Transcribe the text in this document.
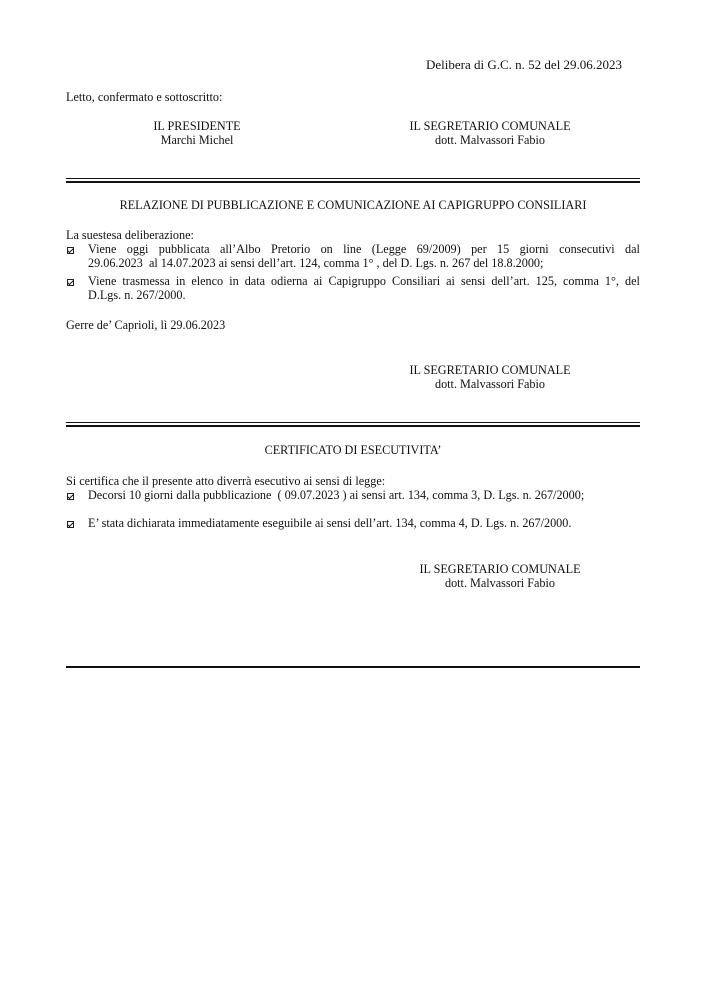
Delibera di G.C. n. 52 del 29.06.2023
Letto, confermato e sottoscritto:
IL PRESIDENTE
Marchi Michel
IL SEGRETARIO COMUNALE
dott. Malvassori Fabio
RELAZIONE DI PUBBLICAZIONE E COMUNICAZIONE AI CAPIGRUPPO CONSILIARI
La suestesa deliberazione:
Viene oggi pubblicata all’Albo Pretorio on line (Legge 69/2009) per 15 giorni consecutivi dal
29.06.2023  al 14.07.2023 ai sensi dell’art. 124, comma 1° , del D. Lgs. n. 267 del 18.8.2000;
Viene trasmessa in elenco in data odierna ai Capigruppo Consiliari ai sensi dell’art. 125, comma 1°, del
D.Lgs. n. 267/2000.
Gerre de’ Caprioli, lì 29.06.2023
IL SEGRETARIO COMUNALE
dott. Malvassori Fabio
CERTIFICATO DI ESECUTIVITA’
Si certifica che il presente atto diverrà esecutivo ai sensi di legge:
Decorsi 10 giorni dalla pubblicazione  ( 09.07.2023 ) ai sensi art. 134, comma 3, D. Lgs. n. 267/2000;
E’ stata dichiarata immediatamente eseguibile ai sensi dell’art. 134, comma 4, D. Lgs. n. 267/2000.
IL SEGRETARIO COMUNALE
dott. Malvassori Fabio
